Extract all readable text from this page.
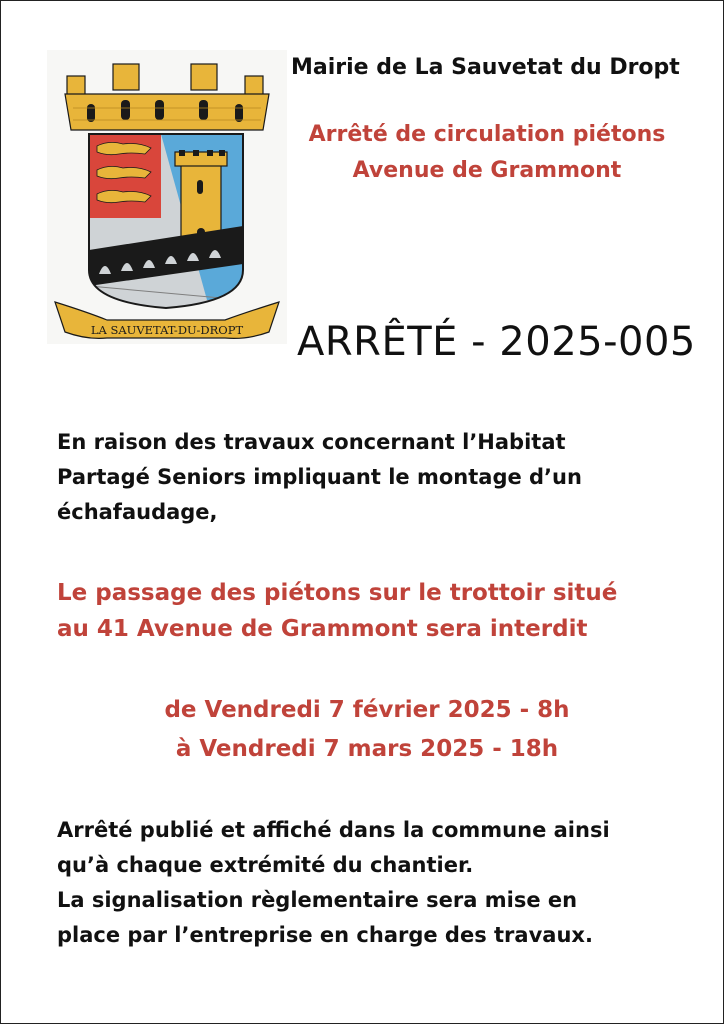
LA SAUVETAT-DU-DROPT
Mairie de La Sauvetat du Dropt
Arrêté de circulation piétons
Avenue de Grammont
ARRÊTÉ - 2025-005
En raison des travaux concernant l’Habitat
Partagé Seniors impliquant le montage d’un
échafaudage,
Le passage des piétons sur le trottoir situé
au 41 Avenue de Grammont sera interdit
de Vendredi 7 février 2025 - 8h
à Vendredi 7 mars 2025 - 18h
Arrêté publié et affiché dans la commune ainsi
qu’à chaque extrémité du chantier.
La signalisation règlementaire sera mise en
place par l’entreprise en charge des travaux.
